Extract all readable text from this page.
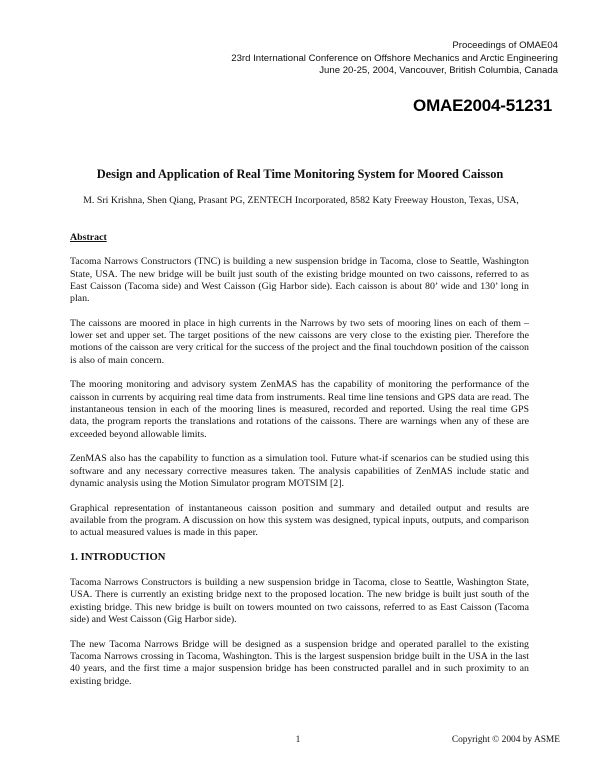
Proceedings of OMAE04
23rd International Conference on Offshore Mechanics and Arctic Engineering
June 20-25, 2004, Vancouver, British Columbia, Canada
OMAE2004-51231
Design and Application of Real Time Monitoring System for Moored Caisson
M. Sri Krishna, Shen Qiang, Prasant PG, ZENTECH Incorporated, 8582 Katy Freeway Houston, Texas, USA,
Abstract

Tacoma Narrows Constructors (TNC) is building a new suspension bridge in Tacoma, close to Seattle, Washington State, USA. The new bridge will be built just south of the existing bridge mounted on two caissons, referred to as East Caisson (Tacoma side) and West Caisson (Gig Harbor side). Each caisson is about 80’ wide and 130’ long in plan.

The caissons are moored in place in high currents in the Narrows by two sets of mooring lines on each of them – lower set and upper set. The target positions of the new caissons are very close to the existing pier. Therefore the motions of the caisson are very critical for the success of the project and the final touchdown position of the caisson is also of main concern.

The mooring monitoring and advisory system ZenMAS has the capability of monitoring the performance of the caisson in currents by acquiring real time data from instruments. Real time line tensions and GPS data are read. The instantaneous tension in each of the mooring lines is measured, recorded and reported. Using the real time GPS data, the program reports the translations and rotations of the caissons. There are warnings when any of these are exceeded beyond allowable limits.

ZenMAS also has the capability to function as a simulation tool. Future what-if scenarios can be studied using this software and any necessary corrective measures taken. The analysis capabilities of ZenMAS include static and dynamic analysis using the Motion Simulator program MOTSIM [2].

Graphical representation of instantaneous caisson position and summary and detailed output and results are available from the program. A discussion on how this system was designed, typical inputs, outputs, and comparison to actual measured values is made in this paper.

1. INTRODUCTION

Tacoma Narrows Constructors is building a new suspension bridge in Tacoma, close to Seattle, Washington State, USA. There is currently an existing bridge next to the proposed location. The new bridge is built just south of the existing bridge. This new bridge is built on towers mounted on two caissons, referred to as East Caisson (Tacoma side) and West Caisson (Gig Harbor side).

The new Tacoma Narrows Bridge will be designed as a suspension bridge and operated parallel to the existing Tacoma Narrows crossing in Tacoma, Washington. This is the largest suspension bridge built in the USA in the last 40 years, and the first time a major suspension bridge has been constructed parallel and in such proximity to an existing bridge.

1	Copyright © 2004 by ASME
